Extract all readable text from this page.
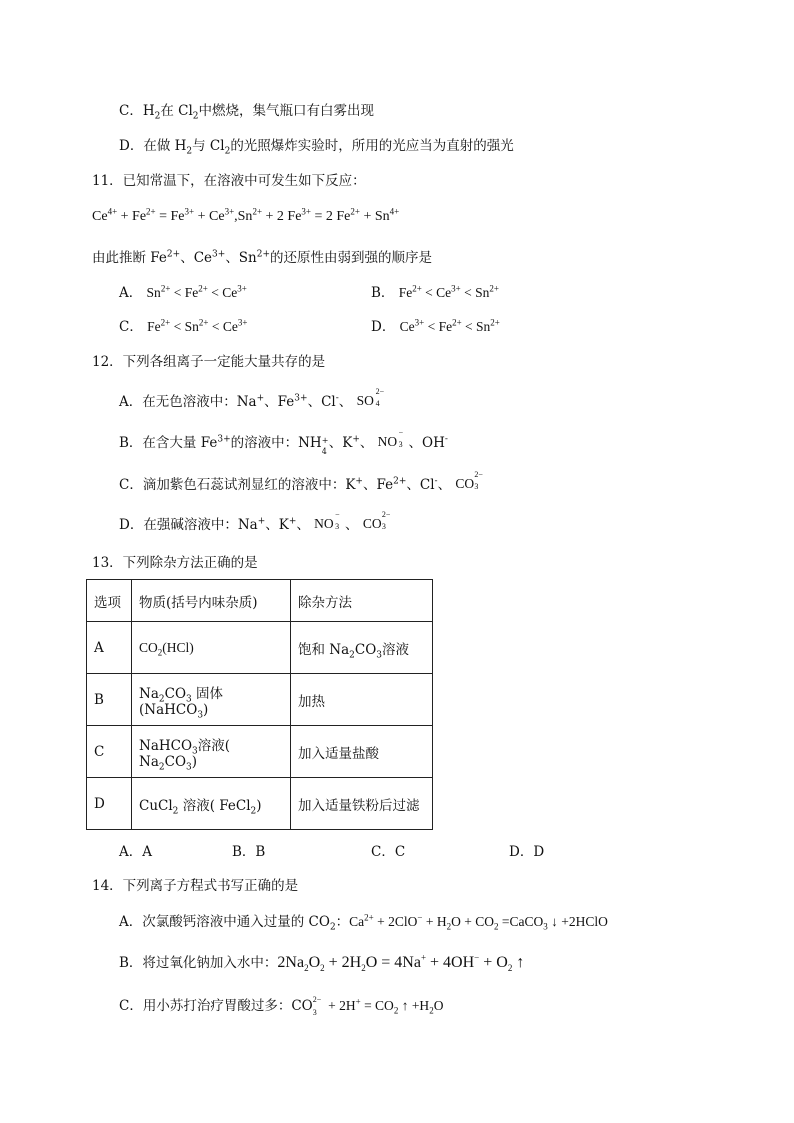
C．$H_2$在 $Cl_2$中燃烧，集气瓶口有白雾出现
D．在做 $H_2$与 $Cl_2$的光照爆炸实验时，所用的光应当为直射的强光
11．已知常温下，在溶液中可发生如下反应：
$Ce^{4+} + Fe^{2+} = Fe^{3+} + Ce^{3+},Sn^{2+} + 2$ $Fe^{3+} = 2$ $Fe^{2+} + Sn^{4+}$
由此推断 $Fe^{2+}$、$Ce^{3+}$、$Sn^{2+}$的还原性由弱到强的顺序是
A． $Sn^{2+} < Fe^{2+} < Ce^{3+}$	B． $Fe^{2+} < Ce^{3+} < Sn^{2+}$
C． $Fe^{2+} < Sn^{2+} < Ce^{3+}$	D． $Ce^{3+} < Fe^{2+} < Sn^{2+}$
12．下列各组离子一定能大量共存的是
A．在无色溶液中：Na+、$Fe^{3+}$、Cl-、 SO
2−
4
B．在含大量 $Fe^{3+}$的溶液中：NH +
4
、K+、 NO
−
3 、OH-
C．滴加紫色石蕊试剂显红的溶液中：K+、$Fe^{2+}$、Cl-、 CO
2−
3
D．在强碱溶液中：Na+、K+、 NO
−
3 、 CO
2−
3
13．下列除杂方法正确的是
选项	物质(括号内味杂质)	除杂方法
A	$CO_2(HCl)$	饱和 $Na_2CO_3$溶液
B	$Na_2CO_3$ 固体(NaHCO$_3$)	加热
C	NaHCO$_3$溶液( $Na_2CO_3$)	加入适量盐酸
D	CuCl$_2$ 溶液( FeCl$_2$)	加入适量铁粉后过滤
A．A	B．B	C．C	D．D
14．下列离子方程式书写正确的是
A．次氯酸钙溶液中通入过量的 $CO_2$：$Ca^{2+} + 2ClO^- + H_2O + CO_2$ =CaCO$_3$ ↓ +2HClO
B．将过氧化钠加入水中：$2Na_2O_2 + 2H_2O = 4Na^+ + 4OH^- + O_2$ ↑
C．用小苏打治疗胃酸过多：CO 2−
$3 + 2H^+ = CO_2$ ↑ $+H_2O$
